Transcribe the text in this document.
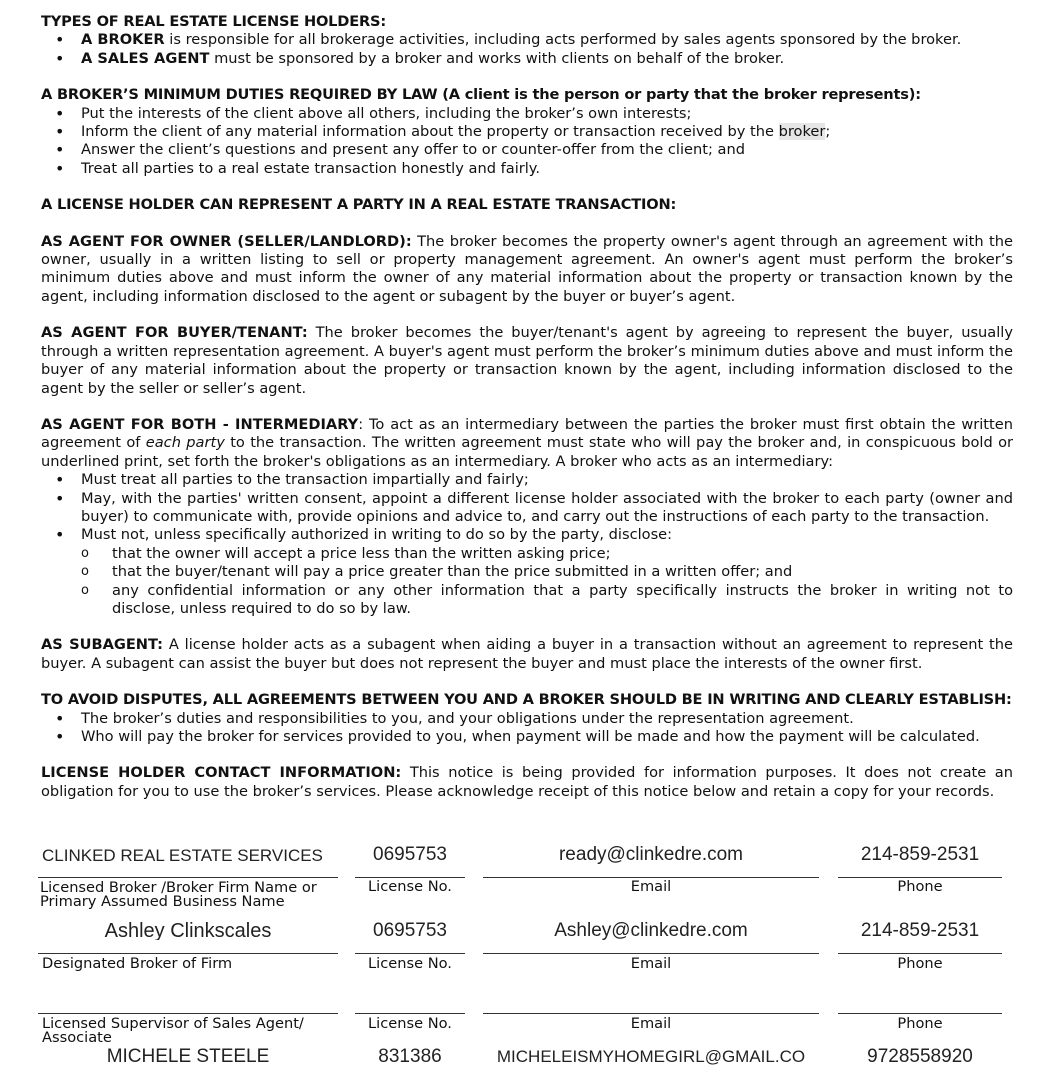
TYPES OF REAL ESTATE LICENSE HOLDERS:
• A BROKER is responsible for all brokerage activities, including acts performed by sales agents sponsored by the broker.
• A SALES AGENT must be sponsored by a broker and works with clients on behalf of the broker.
A BROKER’S MINIMUM DUTIES REQUIRED BY LAW (A client is the person or party that the broker represents):
• Put the interests of the client above all others, including the broker’s own interests;
• Inform the client of any material information about the property or transaction received by the broker;
• Answer the client’s questions and present any offer to or counter-offer from the client; and
• Treat all parties to a real estate transaction honestly and fairly.
A LICENSE HOLDER CAN REPRESENT A PARTY IN A REAL ESTATE TRANSACTION:

AS AGENT FOR OWNER (SELLER/LANDLORD): The broker becomes the property owner's agent through an agreement with the owner, usually in a written listing to sell or property management agreement. An owner's agent must perform the broker’s minimum duties above and must inform the owner of any material information about the property or transaction known by the agent, including information disclosed to the agent or subagent by the buyer or buyer’s agent.

AS AGENT FOR BUYER/TENANT: The broker becomes the buyer/tenant's agent by agreeing to represent the buyer, usually through a written representation agreement. A buyer's agent must perform the broker’s minimum duties above and must inform the buyer of any material information about the property or transaction known by the agent, including information disclosed to the agent by the seller or seller’s agent.

AS AGENT FOR BOTH - INTERMEDIARY: To act as an intermediary between the parties the broker must first obtain the written agreement of each party to the transaction. The written agreement must state who will pay the broker and, in conspicuous bold or underlined print, set forth the broker's obligations as an intermediary. A broker who acts as an intermediary:

• Must treat all parties to the transaction impartially and fairly;
• May, with the parties' written consent, appoint a different license holder associated with the broker to each party (owner and buyer) to communicate with, provide opinions and advice to, and carry out the instructions of each party to the transaction.
• Must not, unless specifically authorized in writing to do so by the party, disclose:
o that the owner will accept a price less than the written asking price;
o that the buyer/tenant will pay a price greater than the price submitted in a written offer; and
o any confidential information or any other information that a party specifically instructs the broker in writing not to disclose, unless required to do so by law.

AS SUBAGENT: A license holder acts as a subagent when aiding a buyer in a transaction without an agreement to represent the buyer. A subagent can assist the buyer but does not represent the buyer and must place the interests of the owner first.

TO AVOID DISPUTES, ALL AGREEMENTS BETWEEN YOU AND A BROKER SHOULD BE IN WRITING AND CLEARLY ESTABLISH:
• The broker’s duties and responsibilities to you, and your obligations under the representation agreement.
• Who will pay the broker for services provided to you, when payment will be made and how the payment will be calculated.

LICENSE HOLDER CONTACT INFORMATION: This notice is being provided for information purposes. It does not create an obligation for you to use the broker’s services. Please acknowledge receipt of this notice below and retain a copy for your records.

CLINKED REAL ESTATE SERVICES	0695753	ready@clinkedre.com	214-859-2531
Licensed Broker /Broker Firm Name or Primary Assumed Business Name
License No.	Email	Phone
Ashley Clinkscales	0695753	Ashley@clinkedre.com	214-859-2531
Designated Broker of Firm	License No.	Email	Phone
Licensed Supervisor of Sales Agent/ Associate
License No.	Email	Phone
MICHELE STEELE	831386	MICHELEISMYHOMEGIRL@GMAIL.CO	9728558920
